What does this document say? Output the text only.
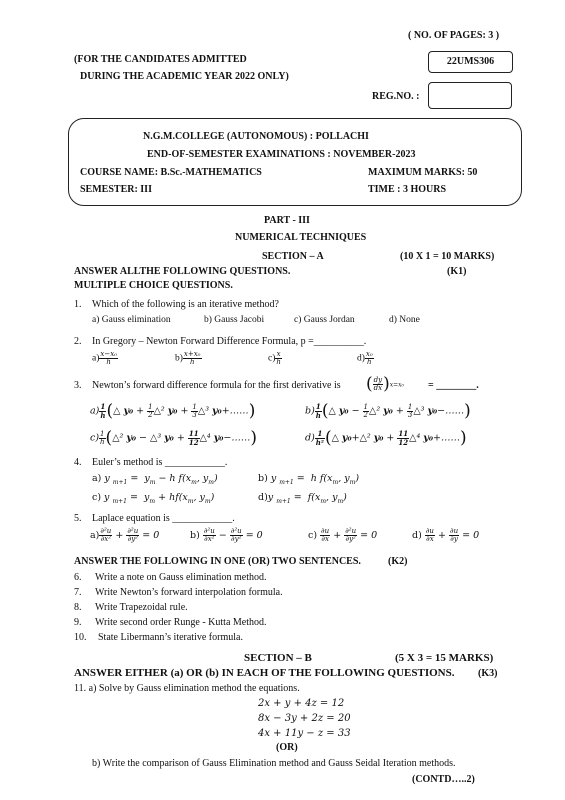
( NO. OF PAGES: 3 )
(FOR THE CANDIDATES ADMITTED
DURING THE ACADEMIC YEAR 2022 ONLY)
22UMS306
REG.NO. :
N.G.M.COLLEGE (AUTONOMOUS) : POLLACHI
END-OF-SEMESTER EXAMINATIONS : NOVEMBER-2023
COURSE NAME: B.Sc.-MATHEMATICS	MAXIMUM MARKS: 50
SEMESTER: III	TIME : 3 HOURS
PART - III
NUMERICAL TECHNIQUES
SECTION – A	(10 X 1 = 10 MARKS)
ANSWER ALLTHE FOLLOWING QUESTIONS.	(K1)
MULTIPLE CHOICE QUESTIONS.
1. Which of the following is an iterative method?
a) Gauss elimination	b) Gauss Jacobi	c) Gauss Jordan	d) None
2. In Gregory – Newton Forward Difference Formula, p =__________.
$a) \frac{\text{x−x₀}}{h}$	$b) \frac{\text{x+x₀}}{h}$	$c) \frac{x}{h}$	$d) \frac{\text{x₀}}{h}$
3. Newton’s forward difference formula for the first derivative is ( $\frac{dy}{dx} )x=x_0$ = ________.
$a) \frac{1}{h}$ (△ $y_0 + \frac{1}{2}$ △² $y_0 + \frac{1}{3}$ △³ y₀+……)	$b) \frac{1}{h}$ (△ $y_0 - \frac{1}{2}$ △² $y_0 + \frac{1}{3}$ △³ y₀−……)
$c) \frac{1}{h}$ (△² y₀ − △³ $y_0 + \frac{11}{12}$ △⁴ y₀−……)	$d) \frac{1}{\text{h²}}$ (△ y₀+△² $y_0 + \frac{11}{12}$ △⁴ y₀+……)
4. Euler’s method is ____________.
a) y $_{m+1} = y_m - h$ $f(x_m$, $y_m$)	b) y $_{m+1}$ =  h $f(x_m$, $y_m$)
c) y $_{m+1} = y_m + hf(x_m$, $y_m$)	d)y $_{m+1} = f(x_m$, $y_m$)
5. Laplace equation is ____________.
$a) \frac{\text{∂²u}}{\text{∂x²}} + \frac{\text{∂²u}}{\text{∂y²}} = 0$	$b) \frac{\text{∂²u}}{\text{∂x²}} - \frac{\text{∂²u}}{\text{∂y²}} = 0$	$c) \frac{\partial u}{\partial x} + \frac{\text{∂²u}}{\text{∂y²}} = 0$	$d) \frac{\partial u}{\partial x} + \frac{\partial u}{\partial y} = 0$
ANSWER THE FOLLOWING IN ONE (OR) TWO SENTENCES.	(K2)
6. Write a note on Gauss elimination method.
7. Write Newton’s forward interpolation formula.
8. Write Trapezoidal rule.
9. Write second order Runge - Kutta Method.
10. State Libermann’s iterative formula.
SECTION – B	(5 X 3 = 15 MARKS)
ANSWER EITHER (a) OR (b) IN EACH OF THE FOLLOWING QUESTIONS. (K3)
11. a) Solve by Gauss elimination method the equations.
2x + y + 4z = 12
8x − 3y + 2z = 20
4x + 11y − z = 33
(OR)
b) Write the comparison of Gauss Elimination method and Gauss Seidal Iteration methods.
(CONTD…..2)
